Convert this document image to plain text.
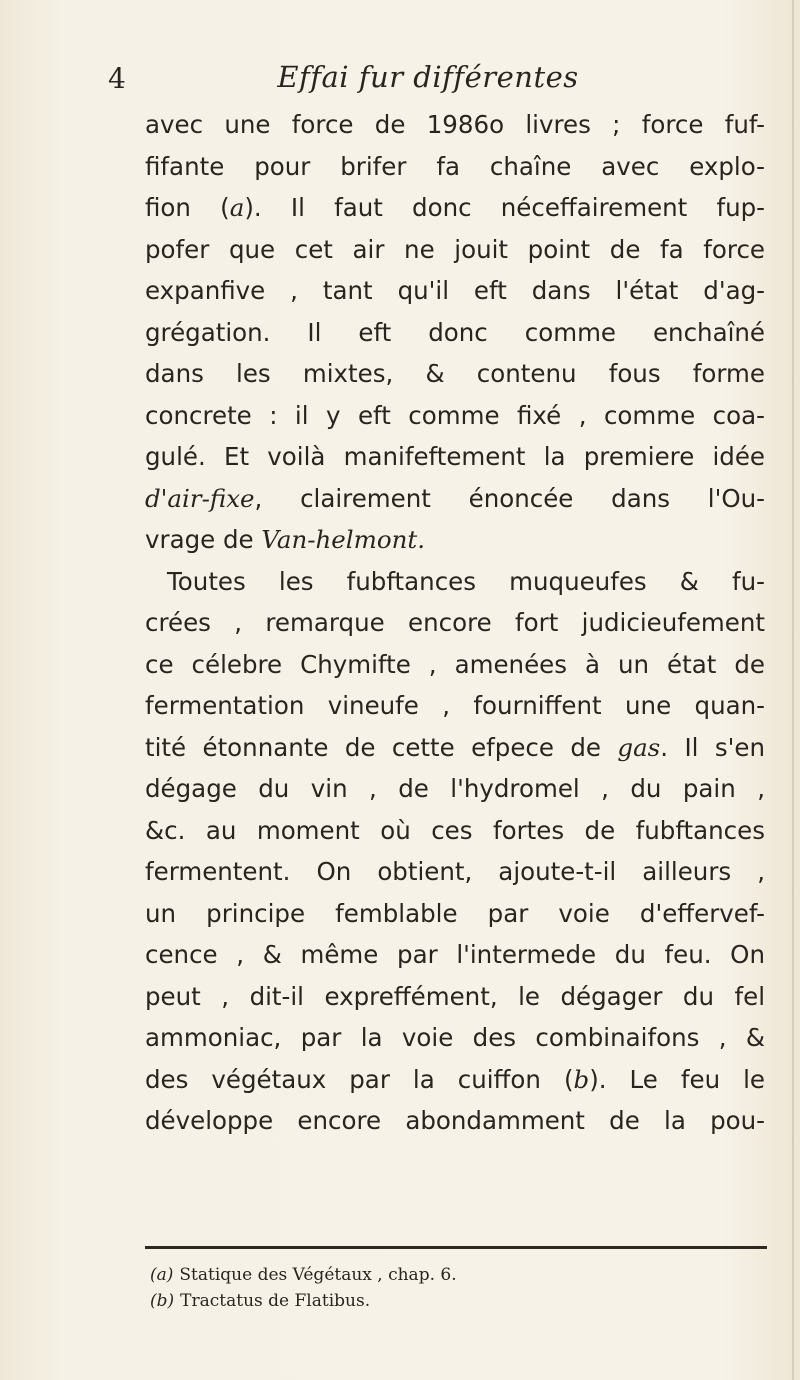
4	Effai fur différentes
avec une force de 1986o livres ; force fuf-
fifante pour brifer fa chaîne avec explo-
fion (a). Il faut donc néceffairement fup-
pofer que cet air ne jouit point de fa force
expanfive , tant qu'il eft dans l'état d'ag-
grégation. Il eft donc comme enchaîné
dans les mixtes, & contenu fous forme
concrete : il y eft comme fixé , comme coa-
gulé. Et voilà manifeftement la premiere idée
d'air-fixe, clairement énoncée dans l'Ou-
vrage de Van-helmont.
Toutes les fubftances muqueufes & fu-
crées , remarque encore fort judicieufement
ce célebre Chymifte , amenées à un état de
fermentation vineufe , fourniffent une quan-
tité étonnante de cette efpece de gas. Il s'en
dégage du vin , de l'hydromel , du pain ,
&c. au moment où ces fortes de fubftances
fermentent. On obtient, ajoute-t-il ailleurs ,
un principe femblable par voie d'effervef-
cence , & même par l'intermede du feu. On
peut , dit-il expreffément, le dégager du fel
ammoniac, par la voie des combinaifons , &
des végétaux par la cuiffon (b). Le feu le
développe encore abondamment de la pou-
(a) Statique des Végétaux , chap. 6.
(b) Tractatus de Flatibus.
